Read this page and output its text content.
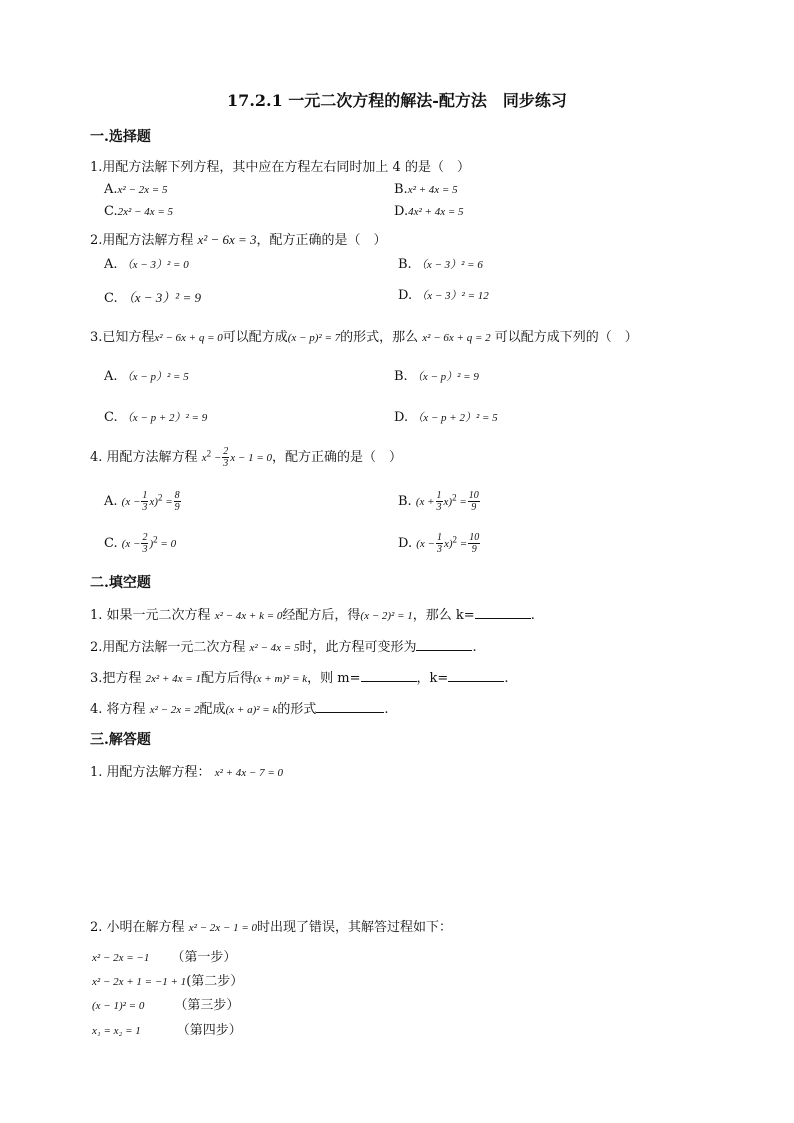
17.2.1 一元二次方程的解法-配方法　同步练习
一.选择题
1.用配方法解下列方程，其中应在方程左右同时加上 4 的是（　）
A.x² − 2x = 5	B.x² + 4x = 5
C.2x² − 4x = 5	D.4x² + 4x = 5
2.用配方法解方程 x² − 6x = 3，配方正确的是（　）
A. （x − 3）² = 0	B. （x − 3）² = 6
C. （x − 3）² = 9	D. （x − 3）² = 12
3.已知方程x² − 6x + q = 0可以配方成(x − p)² = 7的形式，那么 x² − 6x + q = 2 可以配方成下列的（　）
A. （x − p）² = 5	B. （x − p）² = 9
C. （x − p + 2）² = 9	D. （x − p + 2）² = 5
4. 用配方法解方程 $x^2 - \frac{2}{3}$ x − 1 = 0，配方正确的是（　）
A. $(x - \frac{1}{3} x)^2 = \frac{8}{9}$	B. $(x + \frac{1}{3} x)^2 = \frac{10}{9}$
C. $(x - \frac{2}{3} )^2 = 0$	D. $(x - \frac{1}{3} x)^2 = \frac{10}{9}$
二.填空题
1. 如果一元二次方程 x² − 4x + k = 0经配方后，得(x − 2)² = 1，那么 k=	.
2.用配方法解一元二次方程 x² − 4x = 5时，此方程可变形为	.
3.把方程 2x² + 4x = 1配方后得(x + m)² = k，则 m=	，k=	.
4. 将方程 x² − 2x = 2配成(x + a)² = k的形式	.
三.解答题
1. 用配方法解方程： x² + 4x − 7 = 0
2. 小明在解方程 x² − 2x − 1 = 0时出现了错误，其解答过程如下：
x² − 2x = −1 （第一步）
x² − 2x + 1 = −1 + 1(第二步）
(x − 1)² = 0 （第三步）
x₁ = x₂ = 1	（第四步）
